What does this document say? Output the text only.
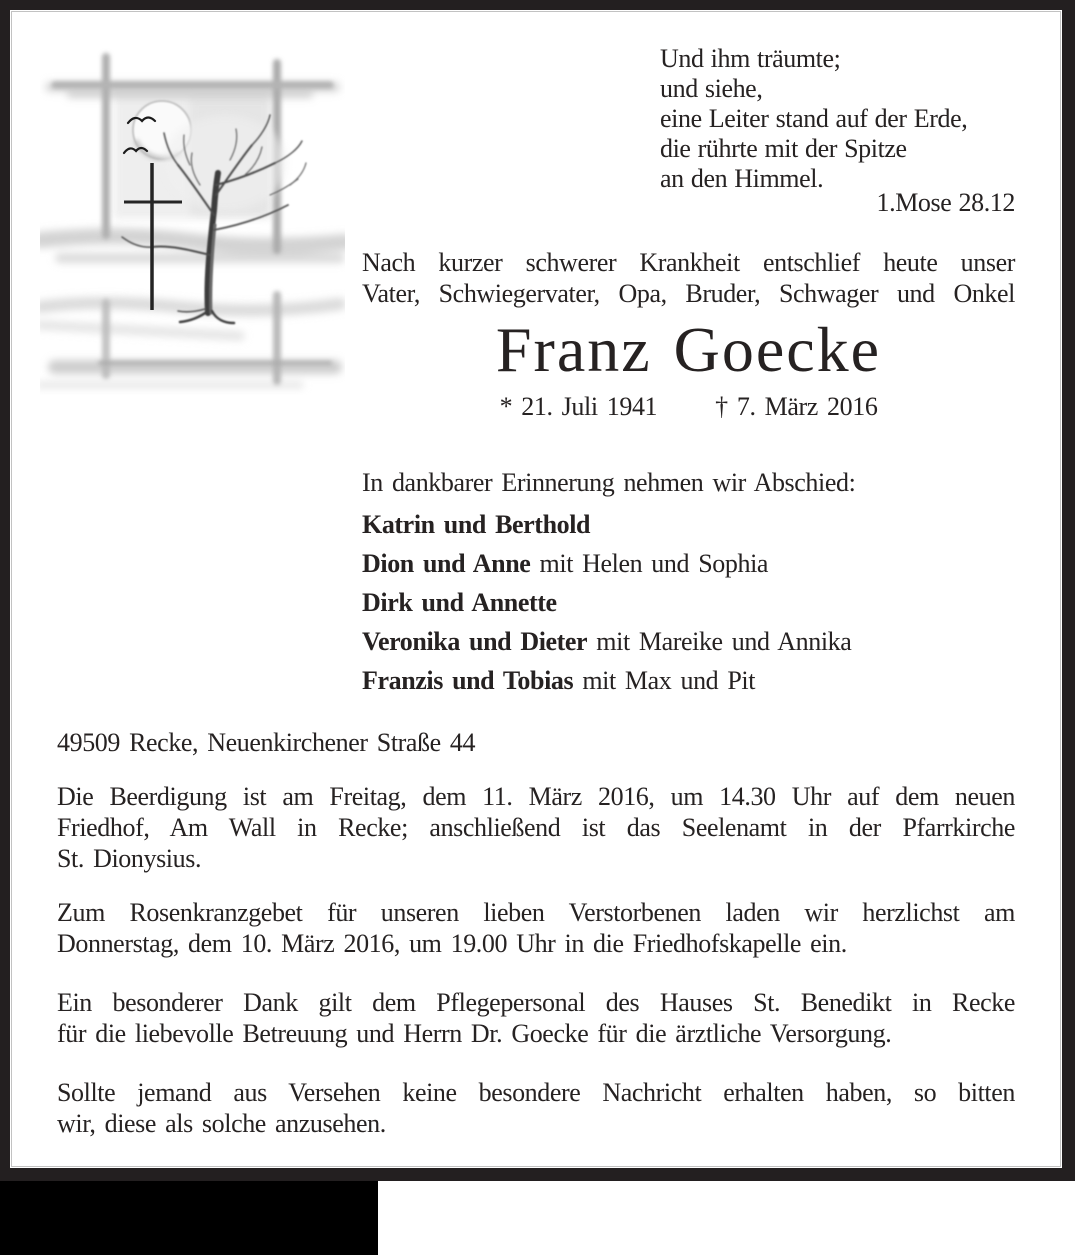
Und ihm träumte;
und siehe,
eine Leiter stand auf der Erde,
die rührte mit der Spitze
an den Himmel.
1.Mose 28.12
Nach kurzer schwerer Krankheit entschlief heute unser
Vater, Schwiegervater, Opa, Bruder, Schwager und Onkel
Franz Goecke
* 21. Juli 1941 † 7. März 2016
In dankbarer Erinnerung nehmen wir Abschied:
Katrin und Berthold
Dion und Anne mit Helen und Sophia
Dirk und Annette
Veronika und Dieter mit Mareike und Annika
Franzis und Tobias mit Max und Pit
49509 Recke, Neuenkirchener Straße 44
Die Beerdigung ist am Freitag, dem 11. März 2016, um 14.30 Uhr auf dem neuen
Friedhof, Am Wall in Recke; anschließend ist das Seelenamt in der Pfarrkirche
St. Dionysius.
Zum Rosenkranzgebet für unseren lieben Verstorbenen laden wir herzlichst am
Donnerstag, dem 10. März 2016, um 19.00 Uhr in die Friedhofskapelle ein.
Ein besonderer Dank gilt dem Pflegepersonal des Hauses St. Benedikt in Recke
für die liebevolle Betreuung und Herrn Dr. Goecke für die ärztliche Versorgung.
Sollte jemand aus Versehen keine besondere Nachricht erhalten haben, so bitten
wir, diese als solche anzusehen.
